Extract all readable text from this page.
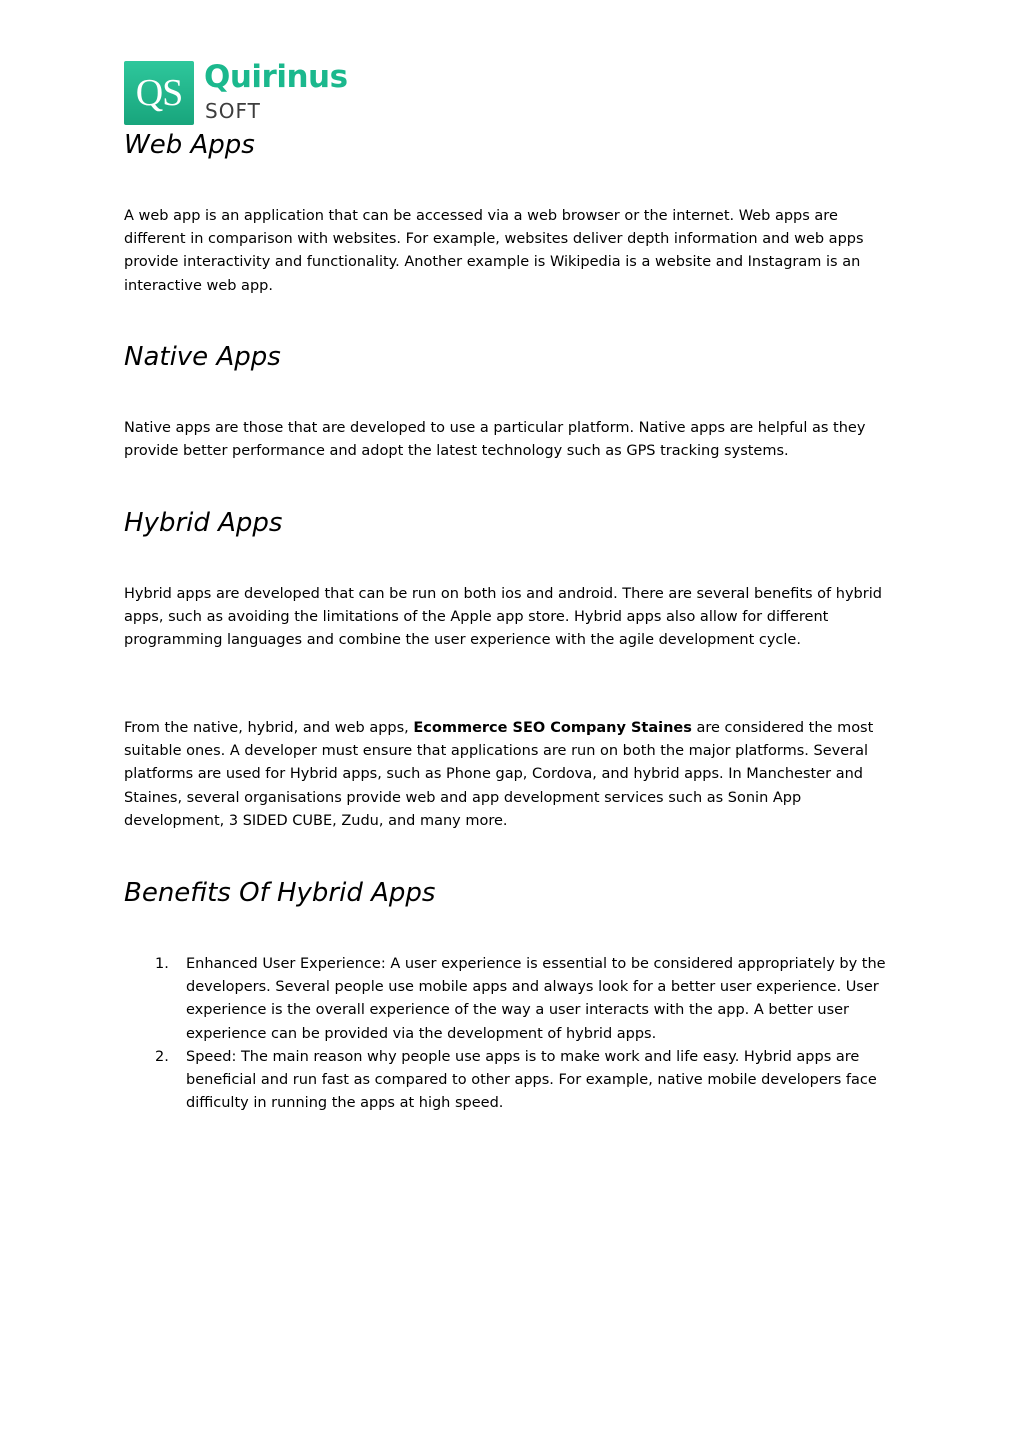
QS Quirinus
SOFT
Web Apps

A web app is an application that can be accessed via a web browser or the internet. Web apps are different in comparison with websites. For example, websites deliver depth information and web apps provide interactivity and functionality. Another example is Wikipedia is a website and Instagram is an interactive web app.

Native Apps

Native apps are those that are developed to use a particular platform. Native apps are helpful as they provide better performance and adopt the latest technology such as GPS tracking systems.

Hybrid Apps

Hybrid apps are developed that can be run on both ios and android. There are several benefits of hybrid apps, such as avoiding the limitations of the Apple app store. Hybrid apps also allow for different programming languages and combine the user experience with the agile development cycle.

From the native, hybrid, and web apps, Ecommerce SEO Company Staines are considered the most suitable ones. A developer must ensure that applications are run on both the major platforms. Several platforms are used for Hybrid apps, such as Phone gap, Cordova, and hybrid apps. In Manchester and Staines, several organisations provide web and app development services such as Sonin App development, 3 SIDED CUBE, Zudu, and many more.

Benefits Of Hybrid Apps
1. Enhanced User Experience: A user experience is essential to be considered appropriately by the developers. Several people use mobile apps and always look for a better user experience. User experience is the overall experience of the way a user interacts with the app. A better user experience can be provided via the development of hybrid apps.
2. Speed: The main reason why people use apps is to make work and life easy. Hybrid apps are beneficial and run fast as compared to other apps. For example, native mobile developers face difficulty in running the apps at high speed.
